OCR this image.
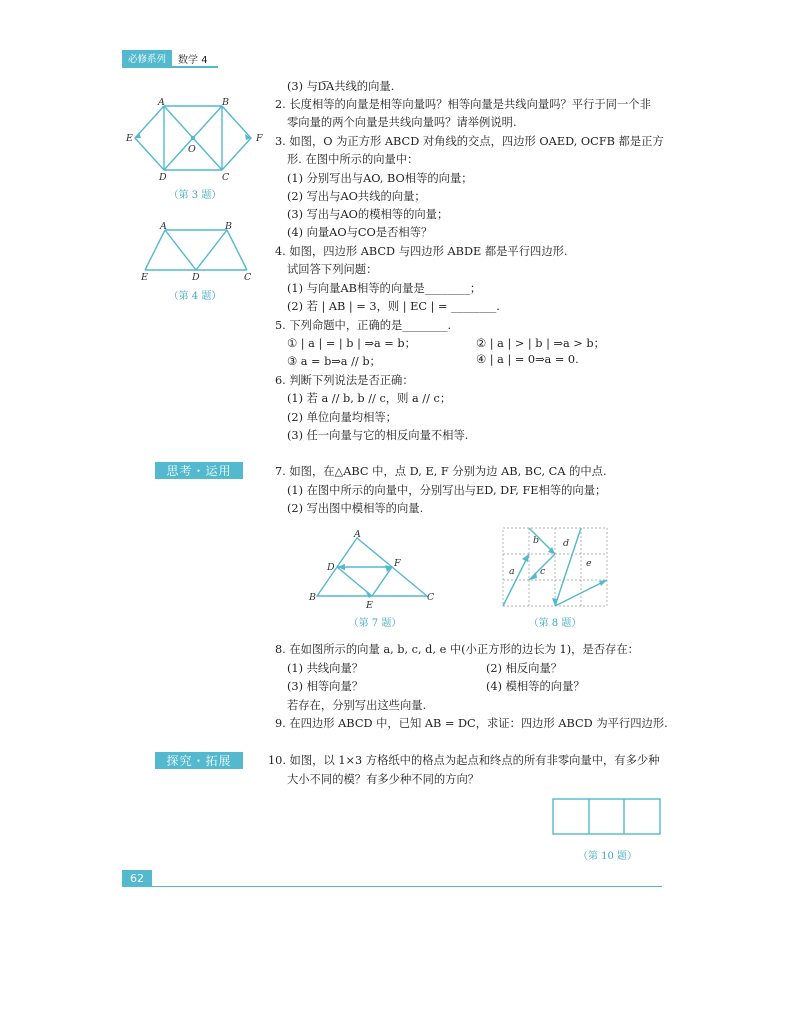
必修系列	数学 4
A	B
E	F
O
D	C
（第 3 题）
A	B
E	D	C
（第 4 题）
(3) 与D͞A共线的向量.
2. 长度相等的向量是相等向量吗？相等向量是共线向量吗？平行于同一个非
零向量的两个向量是共线向量吗？请举例说明.
3. 如图，O 为正方形 ABCD 对角线的交点，四边形 OAED, OCFB 都是正方
形. 在图中所示的向量中：
(1) 分别写出与AO, BO相等的向量；
(2) 写出与AO共线的向量；
(3) 写出与AO的模相等的向量；
(4) 向量AO与CO是否相等？
4. 如图，四边形 ABCD 与四边形 ABDE 都是平行四边形.
试回答下列问题：
(1) 与向量AB相等的向量是________；
(2) 若 | AB | = 3，则 | EC | = ________.
5. 下列命题中，正确的是________.
① | a | = | b | ⇒a = b；	② | a | > | b | ⇒a > b；
③ a = b⇒a // b；	④ | a | = 0⇒a = 0.
6. 判断下列说法是否正确：
(1) 若 a // b, b // c，则 a // c；
(2) 单位向量均相等；
(3) 任一向量与它的相反向量不相等.
思考・运用	7. 如图，在△ABC 中，点 D, E, F 分别为边 AB, BC, CA 的中点.
(1) 在图中所示的向量中，分别写出与ED, DF, FE相等的向量；
(2) 写出图中模相等的向量.
A
D	F
B
E
C
（第 7 题）
a
b
c
d
e
（第 8 题）
8. 在如图所示的向量 a, b, c, d, e 中(小正方形的边长为 1)，是否存在：
(1) 共线向量？	(2) 相反向量？
(3) 相等向量？	(4) 模相等的向量？
若存在，分别写出这些向量.
9. 在四边形 ABCD 中，已知 AB = DC，求证：四边形 ABCD 为平行四边形.
探究・拓展	10. 如图，以 1×3 方格纸中的格点为起点和终点的所有非零向量中，有多少种
大小不同的模？有多少种不同的方向？
（第 10 题）
62
